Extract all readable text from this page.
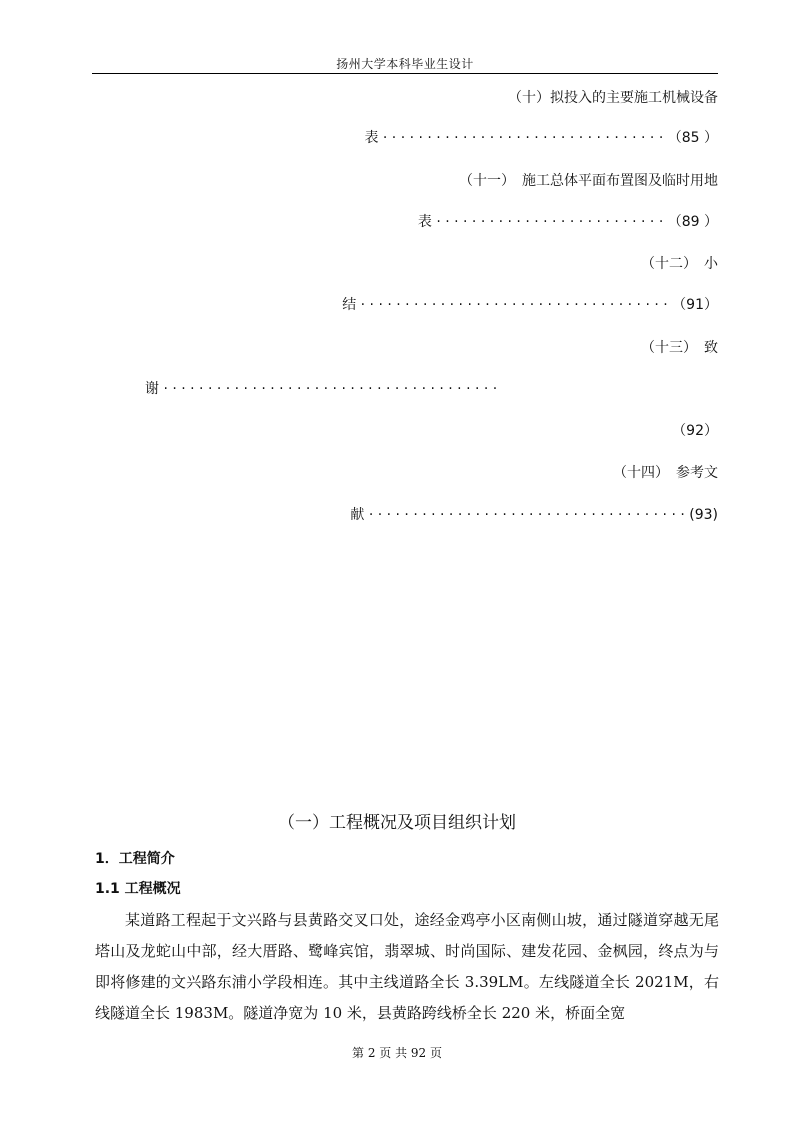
扬州大学本科毕业生设计
（十）拟投入的主要施工机械设备
表 · · · · · · · · · · · · · · · · · · · · · · · · · · · · · · · · （85 ）
（十一）　施工总体平面布置图及临时用地
表 · · · · · · · · · · · · · · · · · · · · · · · · · · （89 ）
（十二）　小
结 · · · · · · · · · · · · · · · · · · · · · · · · · · · · · · · · · · · （91）
（十三）　致
谢 · · · · · · · · · · · · · · · · · · · · · · · · · · · · · · · · · · · · · ·
（92）
（十四）　参考文
献 · · · · · · · · · · · · · · · · · · · · · · · · · · · · · · · · · · · · (93)
（一）工程概况及项目组织计划
1．工程简介
1.1 工程概况
某道路工程起于文兴路与县黄路交叉口处，途经金鸡亭小区南侧山坡，通过隧道穿越无尾塔山及龙蛇山中部，经大厝路、鹭峰宾馆，翡翠城、时尚国际、建发花园、金枫园，终点为与即将修建的文兴路东浦小学段相连。其中主线道路全长 3.39LM。左线隧道全长 2021M，右线隧道全长 1983M。隧道净宽为 10 米，县黄路跨线桥全长 220 米，桥面全宽
第 2 页 共 92 页
